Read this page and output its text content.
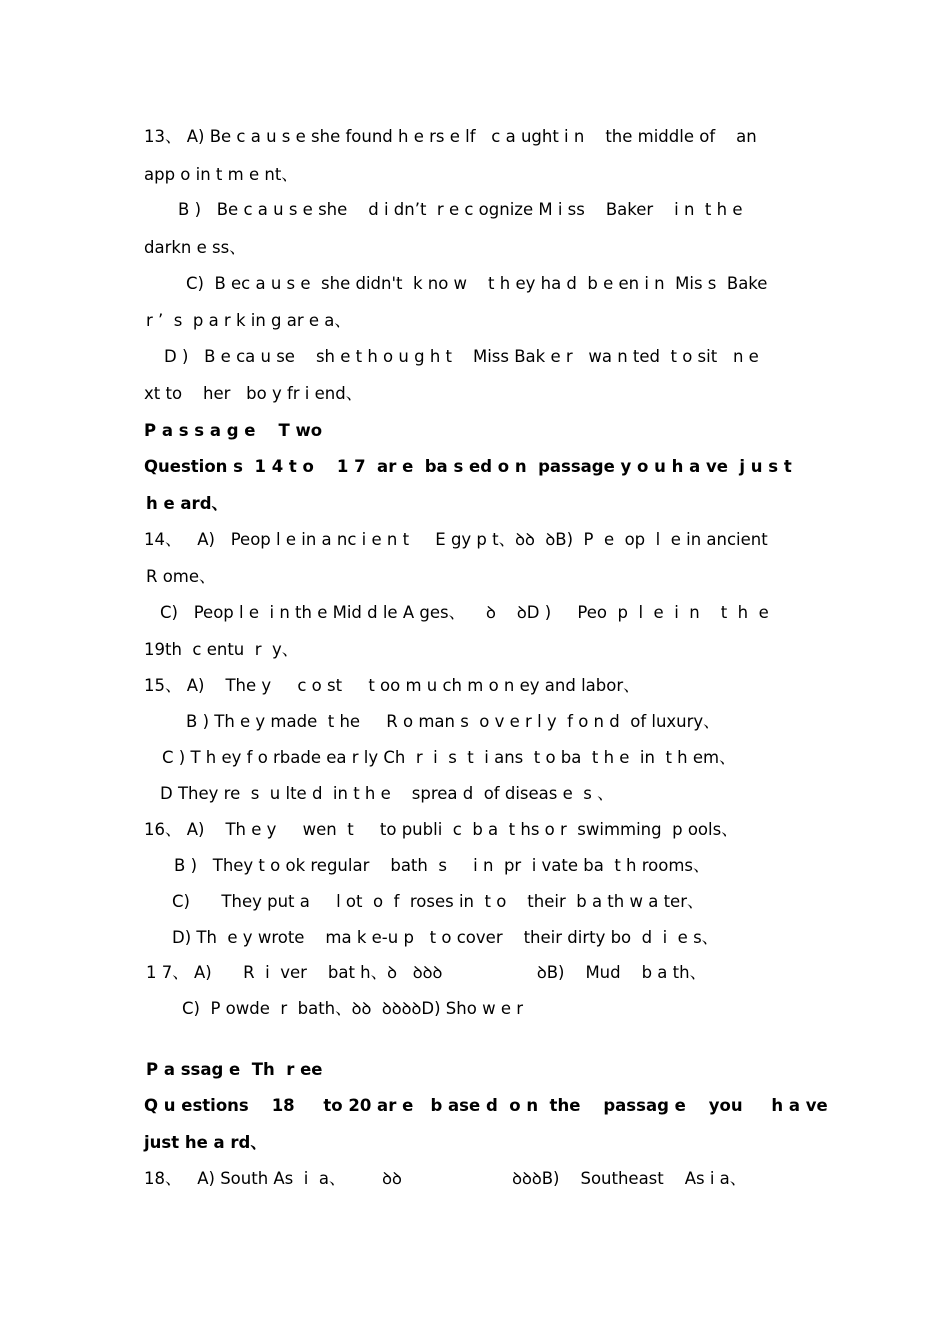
13、 A) Be c a u s e she found h e rs e lf   c a ught i n    the middle of    an
app o in t m e nt、
B )   Be c a u s e she    d i dn’t  r e c ognize M i ss    Baker    i n  t h e
darkn e ss、
C)  B ec a u s e  she didn't  k no w    t h ey ha d  b e en i n  Mis s  Bake
r ’  s  p a r k in g ar e a、
D )   B e ca u se    sh e t h o u g h t    Miss Bak e r   wa n ted  t o sit   n e
xt to    her   bo y fr i end、
P a s s a g e    T wo
Question s  1 4 t o    1 7  ar e  ba s ed o n  passage y o u h a ve  j u s t
h e ard、
14、   A)   Peop l e in a nc i e n t     E gy p t、ꝺꝺ  ꝺB)  P  e  op  l  e in ancient
R ome、
C)   Peop l e  i n th e Mid d le A ges、    ꝺ    ꝺD )     Peo  p  l  e  i  n    t  h  e
19th  c entu  r  y、
15、 A)    The y     c o st     t oo m u ch m o n ey and labor、
B ) Th e y made  t he     R o man s  o v e r l y  f o n d  of luxury、
C ) T h ey f o rbade ea r ly Ch  r  i  s  t  i ans  t o ba  t h e  in  t h em、
D They re  s  u lte d  in t h e    sprea d  of diseas e  s 、
16、 A)    Th e y     wen  t     to publi  c  b a  t hs o r  swimming  p ools、
B )   They t o ok regular    bath  s     i n  pr  i vate ba  t h rooms、
C)      They put a     l ot  o  f  roses in  t o    their  b a th w a ter、
D) Th  e y wrote    ma k e-u p   t o cover    their dirty bo  d  i  e s、
1 7、 A)      R  i  ver    bat h、ꝺ   ꝺꝺꝺ                  ꝺB)    Mud    b a th、
C)  P owde  r  bath、ꝺꝺ  ꝺꝺꝺꝺD) Sho w e r
P a ssag e  Th  r ee
Q u estions    18     to 20 ar e   b ase d  o n  the    passag e    you     h a ve
just he a rd、
18、   A) South As  i  a、       ꝺꝺ                     ꝺꝺꝺB)    Southeast    As i a、
